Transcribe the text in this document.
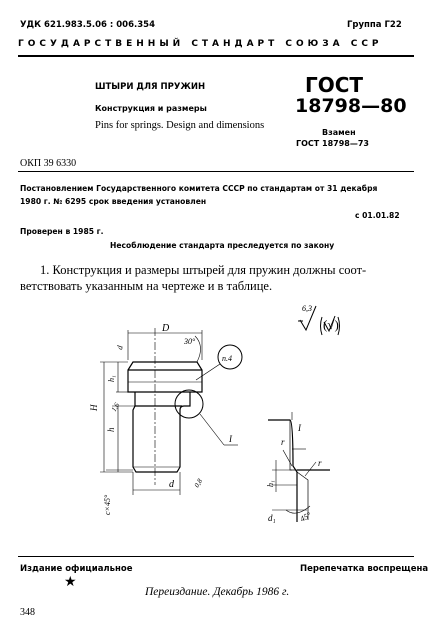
УДК 621.983.5.06 : 006.354	Группа Г22
ГОСУДАРСТВЕННЫЙ СТАНДАРТ СОЮЗА ССР
ШТЫРИ ДЛЯ ПРУЖИН
Конструкция и размеры
Pins for springs. Design and dimensions
ГОСТ
18798—80
Взамен
ГОСТ 18798—73
ОКП 39 6330
Постановлением Государственного комитета СССР по стандартам от 31 декабря
1980 г. № 6295 срок введения установлен
с 01.01.82
Проверен в 1985 г.
Несоблюдение стандарта преследуется по закону
1. Конструкция и размеры штырей для пружин должны соот-
ветствовать указанным на чертеже и в таблице.
6,3
D
30°
п.4
d
H
h₁
1,6
h
I
d	0,8
c×45°
I
r
r
h₁
d₁	45°
(√)
Издание официальное	Перепечатка воспрещена
★
Переиздание. Декабрь 1986 г.
348
